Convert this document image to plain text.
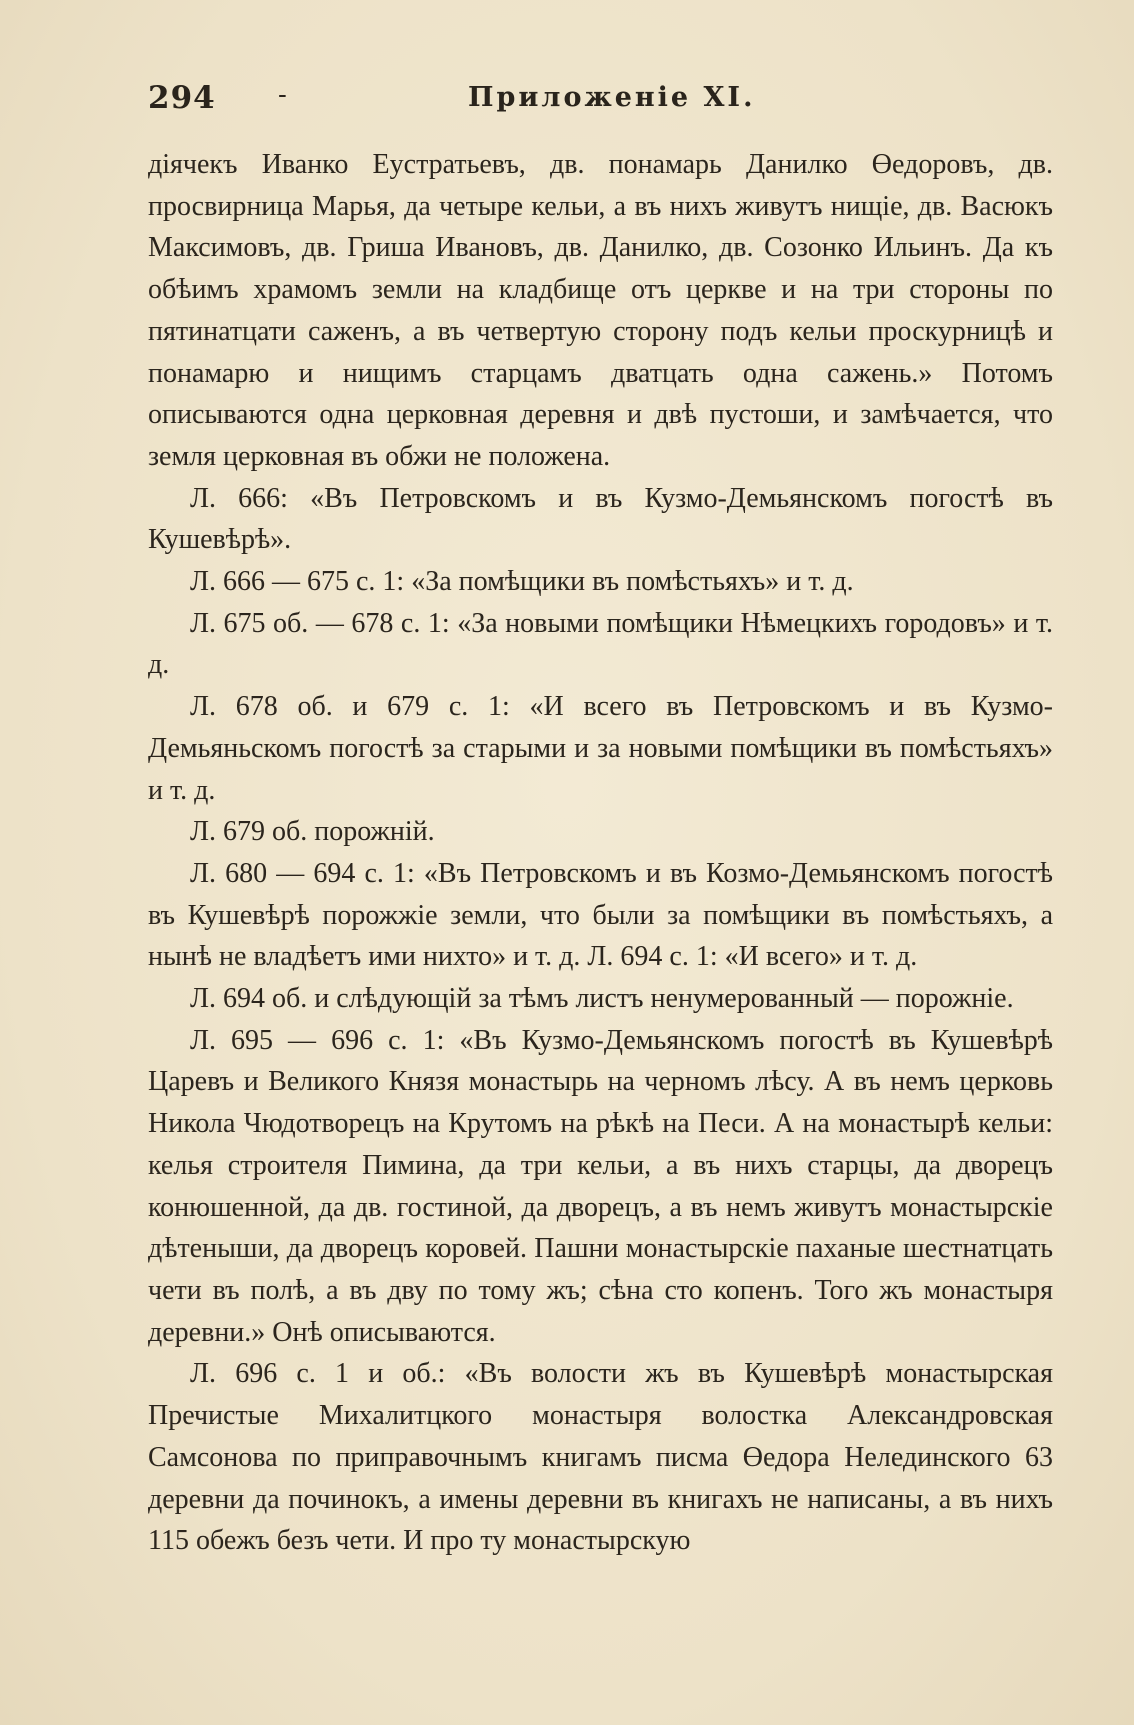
294 -	Приложеніе XI.

діячекъ Иванко Еустратьевъ, дв. понамарь Данилко Өедоровъ, дв. просвирница Марья, да четыре кельи, а въ нихъ живутъ нищіе, дв. Васюкъ Максимовъ, дв. Гриша Ивановъ, дв. Данилко, дв. Созонко Ильинъ. Да къ обѣимъ храмомъ земли на кладбище отъ церкве и на три стороны по пятинатцати саженъ, а въ четвертую сторону подъ кельи проскурницѣ и понамарю и нищимъ старцамъ дватцать одна сажень.» Потомъ описываются одна церковная деревня и двѣ пустоши, и замѣчается, что земля церковная въ обжи не положена.

Л. 666: «Въ Петровскомъ и въ Кузмо-Демьянскомъ погостѣ въ Кушевѣрѣ».

Л. 666 — 675 с. 1: «За помѣщики въ помѣстьяхъ» и т. д.

Л. 675 об. — 678 с. 1: «За новыми помѣщики Нѣмецкихъ городовъ» и т. д.

Л. 678 об. и 679 с. 1: «И всего въ Петровскомъ и въ Кузмо-Демьяньскомъ погостѣ за старыми и за новыми помѣщики въ помѣстьяхъ» и т. д.

Л. 679 об. порожній.

Л. 680 — 694 с. 1: «Въ Петровскомъ и въ Козмо-Демьянскомъ погостѣ въ Кушевѣрѣ порожжіе земли, что были за помѣщики въ помѣстьяхъ, а нынѣ не владѣетъ ими нихто» и т. д. Л. 694 с. 1: «И всего» и т. д.

Л. 694 об. и слѣдующій за тѣмъ листъ ненумерованный — порожніе.

Л. 695 — 696 с. 1: «Въ Кузмо-Демьянскомъ погостѣ въ Кушевѣрѣ Царевъ и Великого Князя монастырь на черномъ лѣсу. А въ немъ церковь Никола Чюдотворецъ на Крутомъ на рѣкѣ на Песи. А на монастырѣ кельи: келья строителя Пимина, да три кельи, а въ нихъ старцы, да дворецъ конюшенной, да дв. гостиной, да дворецъ, а въ немъ живутъ монастырскіе дѣтеныши, да дворецъ коровей. Пашни монастырскіе паханые шестнатцать чети въ полѣ, а въ дву по тому жъ; сѣна сто копенъ. Того жъ монастыря деревни.» Онѣ описываются.

Л. 696 с. 1 и об.: «Въ волости жъ въ Кушевѣрѣ монастырская Пречистые Михалитцкого монастыря волостка Александровская Самсонова по приправочнымъ книгамъ писма Өедора Нелединского 63 деревни да починокъ, а имены деревни въ книгахъ не написаны, а въ нихъ 115 обежъ безъ чети. И про ту монастырскую
